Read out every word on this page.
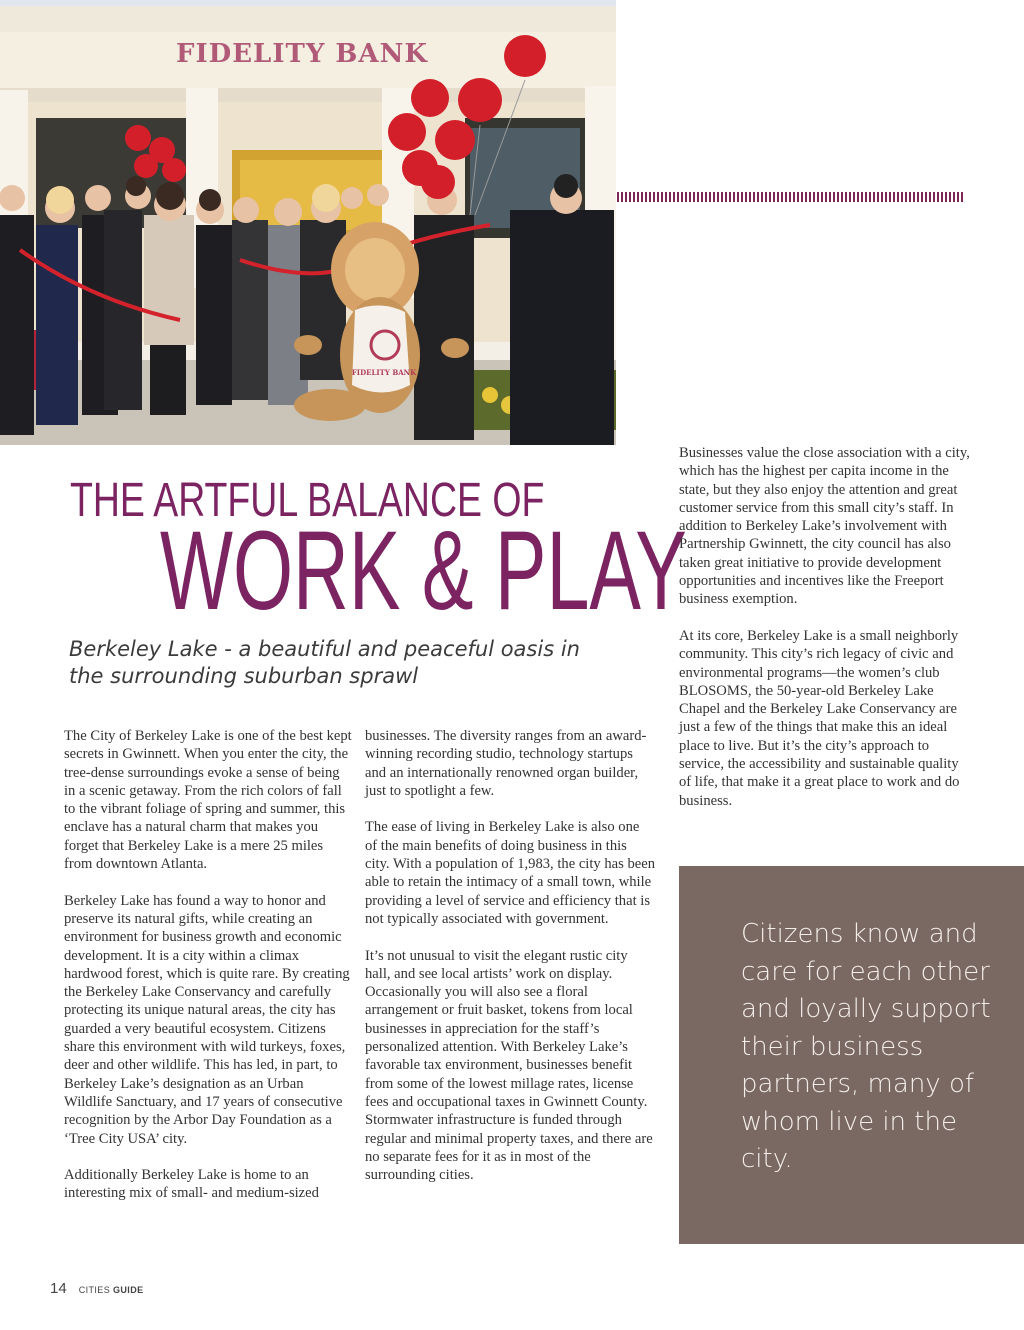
FIDELITY BANK
FIDELITY BANK
THE ARTFUL BALANCE OF
WORK & PLAY

Berkeley Lake - a beautiful and peaceful oasis in the surrounding suburban sprawl

The City of Berkeley Lake is one of the best kept secrets in Gwinnett. When you enter the city, the tree-dense surroundings evoke a sense of being in a scenic getaway. From the rich colors of fall to the vibrant foliage of spring and summer, this enclave has a natural charm that makes you forget that Berkeley Lake is a mere 25 miles from downtown Atlanta.

Berkeley Lake has found a way to honor and preserve its natural gifts, while creating an environment for business growth and economic development. It is a city within a climax hardwood forest, which is quite rare. By creating the Berkeley Lake Conservancy and carefully protecting its unique natural areas, the city has guarded a very beautiful ecosystem. Citizens share this environment with wild turkeys, foxes, deer and other wildlife. This has led, in part, to Berkeley Lake’s designation as an Urban Wildlife Sanctuary, and 17 years of consecutive recognition by the Arbor Day Foundation as a ‘Tree City USA’ city.

Additionally Berkeley Lake is home to an interesting mix of small- and medium-sized

businesses. The diversity ranges from an award-winning recording studio, technology startups and an internationally renowned organ builder, just to spotlight a few.

The ease of living in Berkeley Lake is also one of the main benefits of doing business in this city. With a population of 1,983, the city has been able to retain the intimacy of a small town, while providing a level of service and efficiency that is not typically associated with government.

It’s not unusual to visit the elegant rustic city hall, and see local artists’ work on display. Occasionally you will also see a floral arrangement or fruit basket, tokens from local businesses in appreciation for the staff’s personalized attention. With Berkeley Lake’s favorable tax environment, businesses benefit from some of the lowest millage rates, license fees and occupational taxes in Gwinnett County. Stormwater infrastructure is funded through regular and minimal property taxes, and there are no separate fees for it as in most of the surrounding cities.

Businesses value the close association with a city, which has the highest per capita income in the state, but they also enjoy the attention and great customer service from this small city’s staff. In addition to Berkeley Lake’s involvement with Partnership Gwinnett, the city council has also taken great initiative to provide development opportunities and incentives like the Freeport business exemption.

At its core, Berkeley Lake is a small neighborly community. This city’s rich legacy of civic and environmental programs—the women’s club BLOSOMS, the 50-year-old Berkeley Lake Chapel and the Berkeley Lake Conservancy are just a few of the things that make this an ideal place to live. But it’s the city’s approach to service, the accessibility and sustainable quality of life, that make it a great place to work and do business.

Citizens know and care for each other and loyally support their business partners, many of whom live in the city.

14 CITIES GUIDE
